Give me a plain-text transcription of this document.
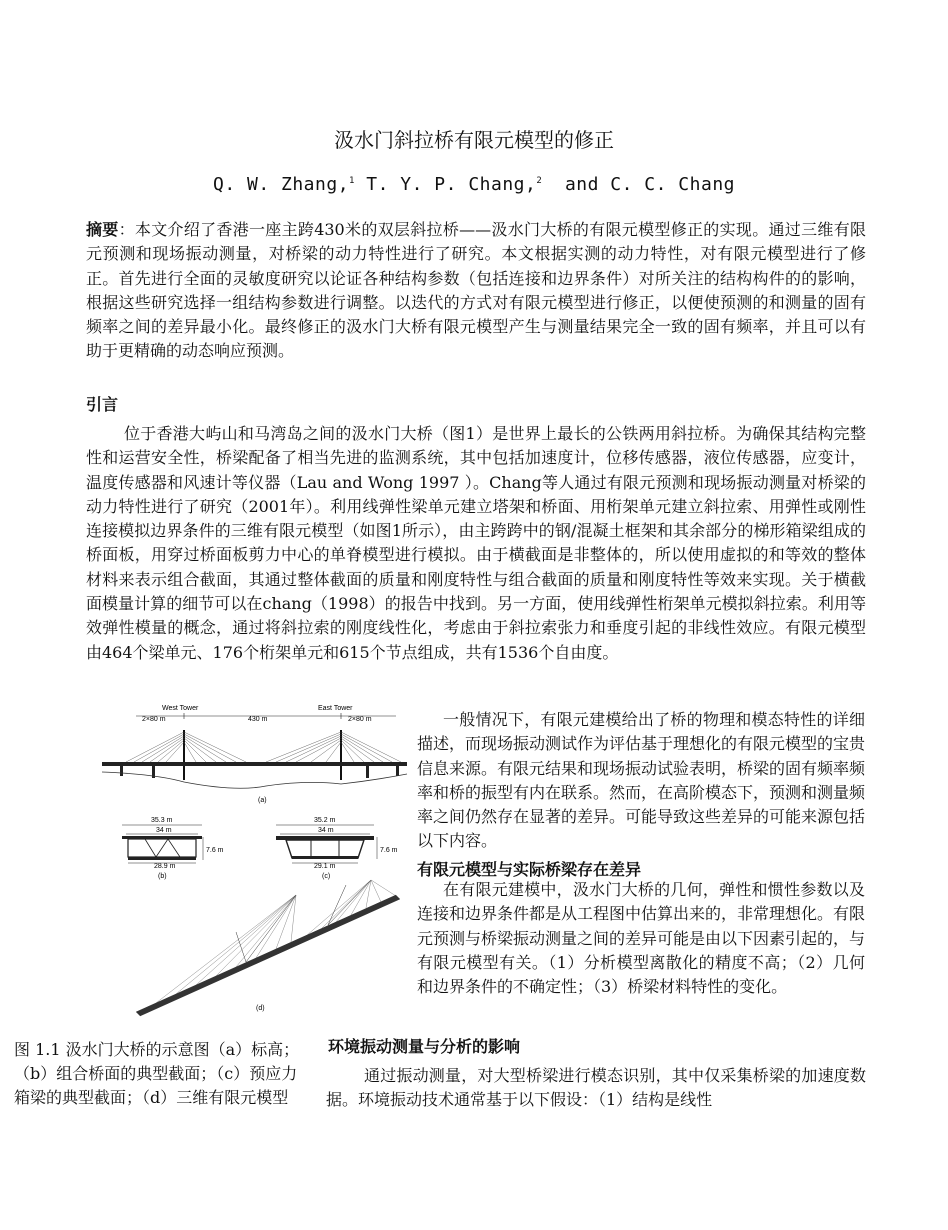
汲水门斜拉桥有限元模型的修正
Q. W. Zhang,$^1$ T. Y. P. Chang,$^2$  and C. C. Chang
摘要：本文介绍了香港一座主跨430米的双层斜拉桥——汲水门大桥的有限元模型修正的实现。通过三维有限元预测和现场振动测量，对桥梁的动力特性进行了研究。本文根据实测的动力特性，对有限元模型进行了修正。首先进行全面的灵敏度研究以论证各种结构参数（包括连接和边界条件）对所关注的结构构件的的影响，根据这些研究选择一组结构参数进行调整。以迭代的方式对有限元模型进行修正，以便使预测的和测量的固有频率之间的差异最小化。最终修正的汲水门大桥有限元模型产生与测量结果完全一致的固有频率，并且可以有助于更精确的动态响应预测。
引言
位于香港大屿山和马湾岛之间的汲水门大桥（图1）是世界上最长的公铁两用斜拉桥。为确保其结构完整性和运营安全性，桥梁配备了相当先进的监测系统，其中包括加速度计，位移传感器，液位传感器，应变计，温度传感器和风速计等仪器（Lau and Wong 1997 ）。Chang等人通过有限元预测和现场振动测量对桥梁的动力特性进行了研究（2001年）。利用线弹性梁单元建立塔架和桥面、用桁架单元建立斜拉索、用弹性或刚性连接模拟边界条件的三维有限元模型（如图1所示），由主跨跨中的钢/混凝土框架和其余部分的梯形箱梁组成的桥面板，用穿过桥面板剪力中心的单脊模型进行模拟。由于横截面是非整体的，所以使用虚拟的和等效的整体材料来表示组合截面，其通过整体截面的质量和刚度特性与组合截面的质量和刚度特性等效来实现。关于横截面模量计算的细节可以在chang（1998）的报告中找到。另一方面，使用线弹性桁架单元模拟斜拉索。利用等效弹性模量的概念，通过将斜拉索的刚度线性化，考虑由于斜拉索张力和垂度引起的非线性效应。有限元模型由464个梁单元、176个桁架单元和615个节点组成，共有1536个自由度。
West Tower	East Tower
2×80 m	430 m	2×80 m
(a)
35.3 m
34 m
7.6 m
28.9 m
(b)
35.2 m
34 m
7.6 m
29.1 m
(c)
(d)
一般情况下，有限元建模给出了桥的物理和模态特性的详细描述，而现场振动测试作为评估基于理想化的有限元模型的宝贵信息来源。有限元结果和现场振动试验表明，桥梁的固有频率频率和桥的振型有内在联系。然而，在高阶模态下，预测和测量频率之间仍然存在显著的差异。可能导致这些差异的可能来源包括以下内容。
有限元模型与实际桥梁存在差异
在有限元建模中，汲水门大桥的几何，弹性和惯性参数以及连接和边界条件都是从工程图中估算出来的，非常理想化。有限元预测与桥梁振动测量之间的差异可能是由以下因素引起的，与有限元模型有关。（1）分析模型离散化的精度不高；（2）几何和边界条件的不确定性；（3）桥梁材料特性的变化。
环境振动测量与分析的影响
通过振动测量，对大型桥梁进行模态识别，其中仅采集桥梁的加速度数据。环境振动技术通常基于以下假设：（1）结构是线性
图 1.1 汲水门大桥的示意图（a）标高；（b）组合桥面的典型截面；（c）预应力箱梁的典型截面；（d）三维有限元模型
